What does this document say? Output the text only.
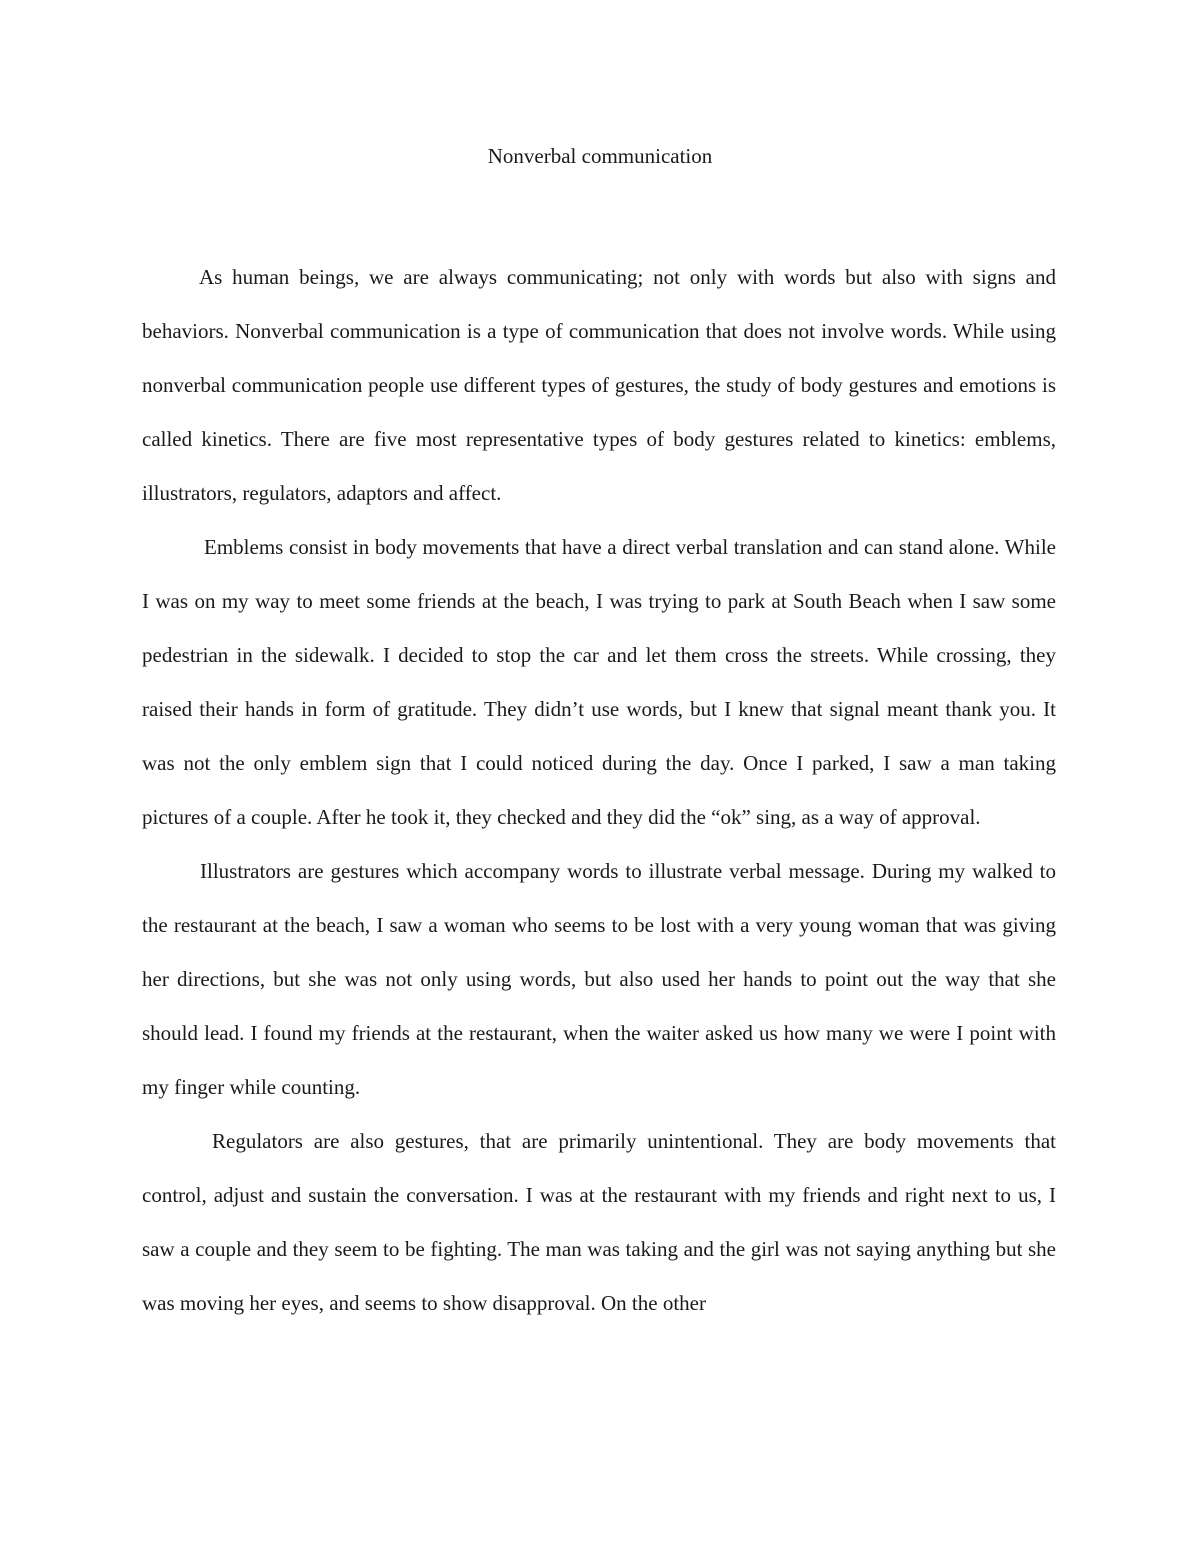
Nonverbal communication

As human beings, we are always communicating; not only with words but also with signs and behaviors. Nonverbal communication is a type of communication that does not involve words. While using nonverbal communication people use different types of gestures, the study of body gestures and emotions is called kinetics. There are five most representative types of body gestures related to kinetics: emblems, illustrators, regulators, adaptors and affect.

Emblems consist in body movements that have a direct verbal translation and can stand alone. While I was on my way to meet some friends at the beach, I was trying to park at South Beach when I saw some pedestrian in the sidewalk. I decided to stop the car and let them cross the streets. While crossing, they raised their hands in form of gratitude. They didn’t use words, but I knew that signal meant thank you. It was not the only emblem sign that I could noticed during the day. Once I parked, I saw a man taking pictures of a couple. After he took it, they checked and they did the “ok” sing, as a way of approval.

Illustrators are gestures which accompany words to illustrate verbal message. During my walked to the restaurant at the beach, I saw a woman who seems to be lost with a very young woman that was giving her directions, but she was not only using words, but also used her hands to point out the way that she should lead. I found my friends at the restaurant, when the waiter asked us how many we were I point with my finger while counting.

Regulators are also gestures, that are primarily unintentional. They are body movements that control, adjust and sustain the conversation. I was at the restaurant with my friends and right next to us, I saw a couple and they seem to be fighting. The man was taking and the girl was not saying anything but she was moving her eyes, and seems to show disapproval. On the other
